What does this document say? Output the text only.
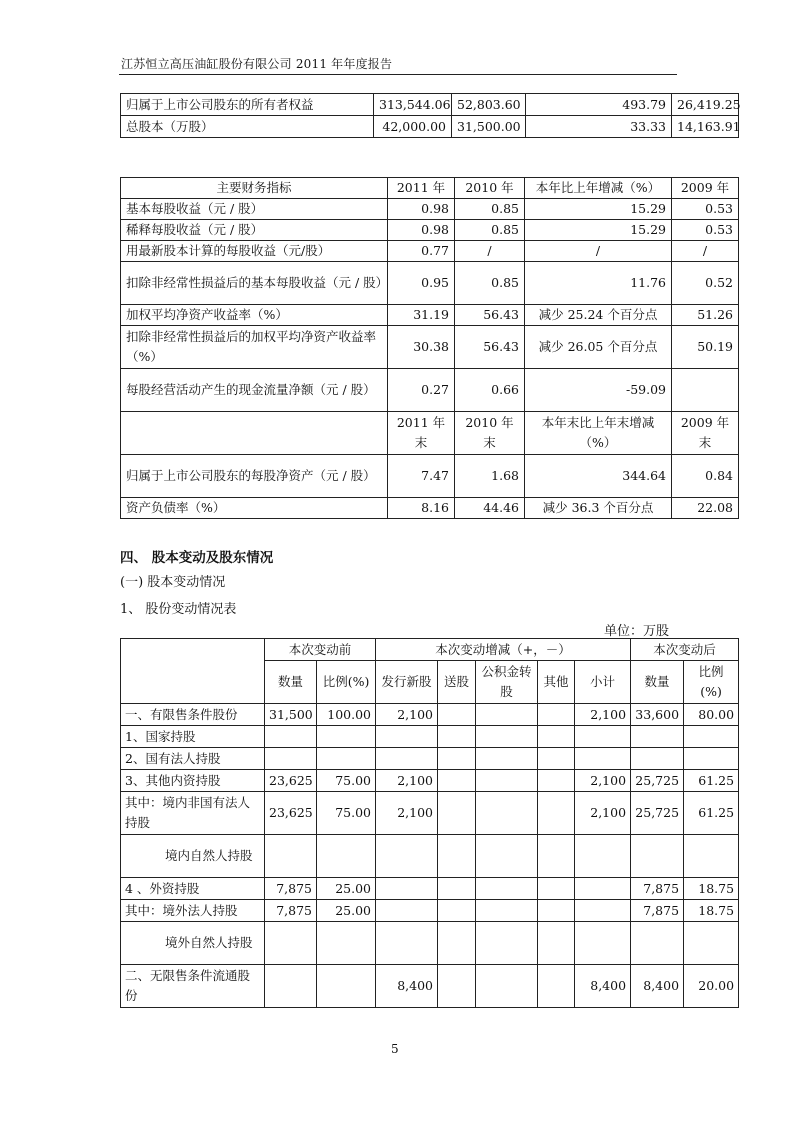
江苏恒立高压油缸股份有限公司 2011 年年度报告
归属于上市公司股东的所有者权益	313,544.06	52,803.60	493.79	26,419.25
总股本（万股）	42,000.00	31,500.00	33.33	14,163.91
主要财务指标	2011 年	2010 年	本年比上年增减（%）	2009 年
基本每股收益（元 / 股）	0.98	0.85	15.29	0.53
稀释每股收益（元 / 股）	0.98	0.85	15.29	0.53
用最新股本计算的每股收益（元/股）	0.77	/	/	/
扣除非经常性损益后的基本每股收益（元 / 股）	0.95	0.85	11.76	0.52
加权平均净资产收益率（%）	31.19	56.43	减少 25.24 个百分点	51.26
扣除非经常性损益后的加权平均净资产收益率（%）	30.38	56.43	减少 26.05 个百分点	50.19
每股经营活动产生的现金流量净额（元 / 股）	0.27	0.66	-59.09	
	2011 年末	2010 年末	本年末比上年末增减（%）	2009 年末
归属于上市公司股东的每股净资产（元 / 股）	7.47	1.68	344.64	0.84
资产负债率（%）	8.16	44.46	减少 36.3 个百分点	22.08
四、 股本变动及股东情况
(一) 股本变动情况
1、 股份变动情况表
单位：万股
	本次变动前		本次变动增减（+，－）					本次变动后	
	数量	比例(%)	发行新股	送股	公积金转股	其他	小计	数量	比例(%)
一、有限售条件股份	31,500	100.00	2,100				2,100	33,600	80.00
1、国家持股									
2、国有法人持股									
3、其他内资持股	23,625	75.00	2,100				2,100	25,725	61.25
其中：境内非国有法人持股	23,625	75.00	2,100				2,100	25,725	61.25
境内自然人持股									
4 、外资持股	7,875	25.00						7,875	18.75
其中：境外法人持股	7,875	25.00						7,875	18.75
境外自然人持股									
二、无限售条件流通股份			8,400				8,400	8,400	20.00
5
